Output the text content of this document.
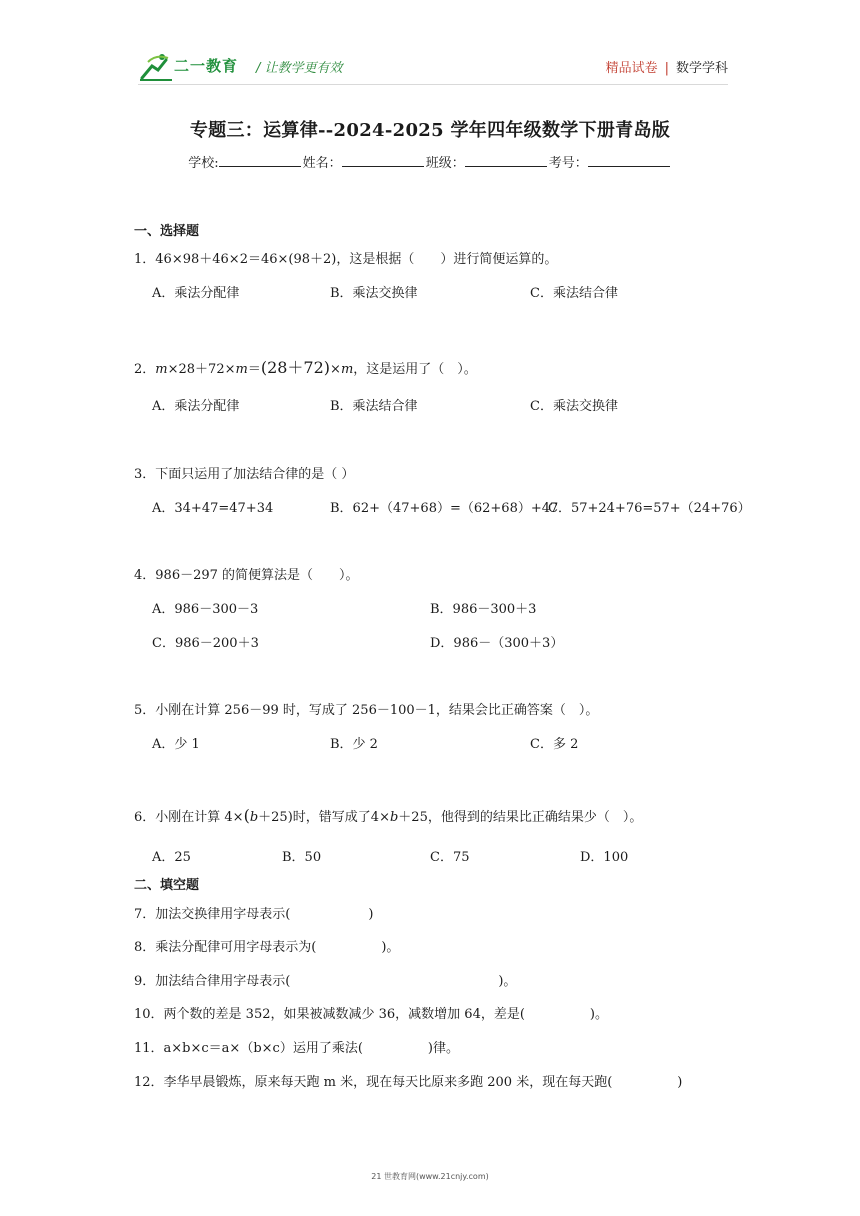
二一教育 / 让教学更有效	精品试卷 | 数学学科
专题三：运算律--2024-2025 学年四年级数学下册青岛版
学校:	姓名：	班级：	考号：
一、选择题
1．46×98＋46×2＝46×(98＋2)，这是根据（　　）进行简便运算的。
A．乘法分配律	B．乘法交换律	C．乘法结合律
2．m×28＋72×m＝(28＋72)×m，这是运用了（　）。
A．乘法分配律	B．乘法结合律	C．乘法交换律
3．下面只运用了加法结合律的是（ ）
A．34+47=47+34	B．62+（47+68）=（62+68）+47
C．57+24+76=57+（24+76）
4．986－297 的简便算法是（　　）。
A．986－300－3	B．986－300＋3
C．986－200＋3	D．986－（300＋3）
5．小刚在计算 256－99 时，写成了 256－100－1，结果会比正确答案（　）。
A．少 1	B．少 2	C．多 2
6．小刚在计算 4×(b＋25)时，错写成了4×b＋25，他得到的结果比正确结果少（　）。
A．25	B．50	C．75	D．100
二、填空题
7．加法交换律用字母表示(　　　　　　)
8．乘法分配律可用字母表示为(　　　　　)。
9．加法结合律用字母表示(　　　　　　　　　　　　　　　　)。
10．两个数的差是 352，如果被减数减少 36，减数增加 64，差是(　　　　　)。
11．a×b×c＝a×（b×c）运用了乘法(　　　　　)律。
12．李华早晨锻炼，原来每天跑 m 米，现在每天比原来多跑 200 米，现在每天跑(　　　　　)
21 世教育网(www.21cnjy.com)
